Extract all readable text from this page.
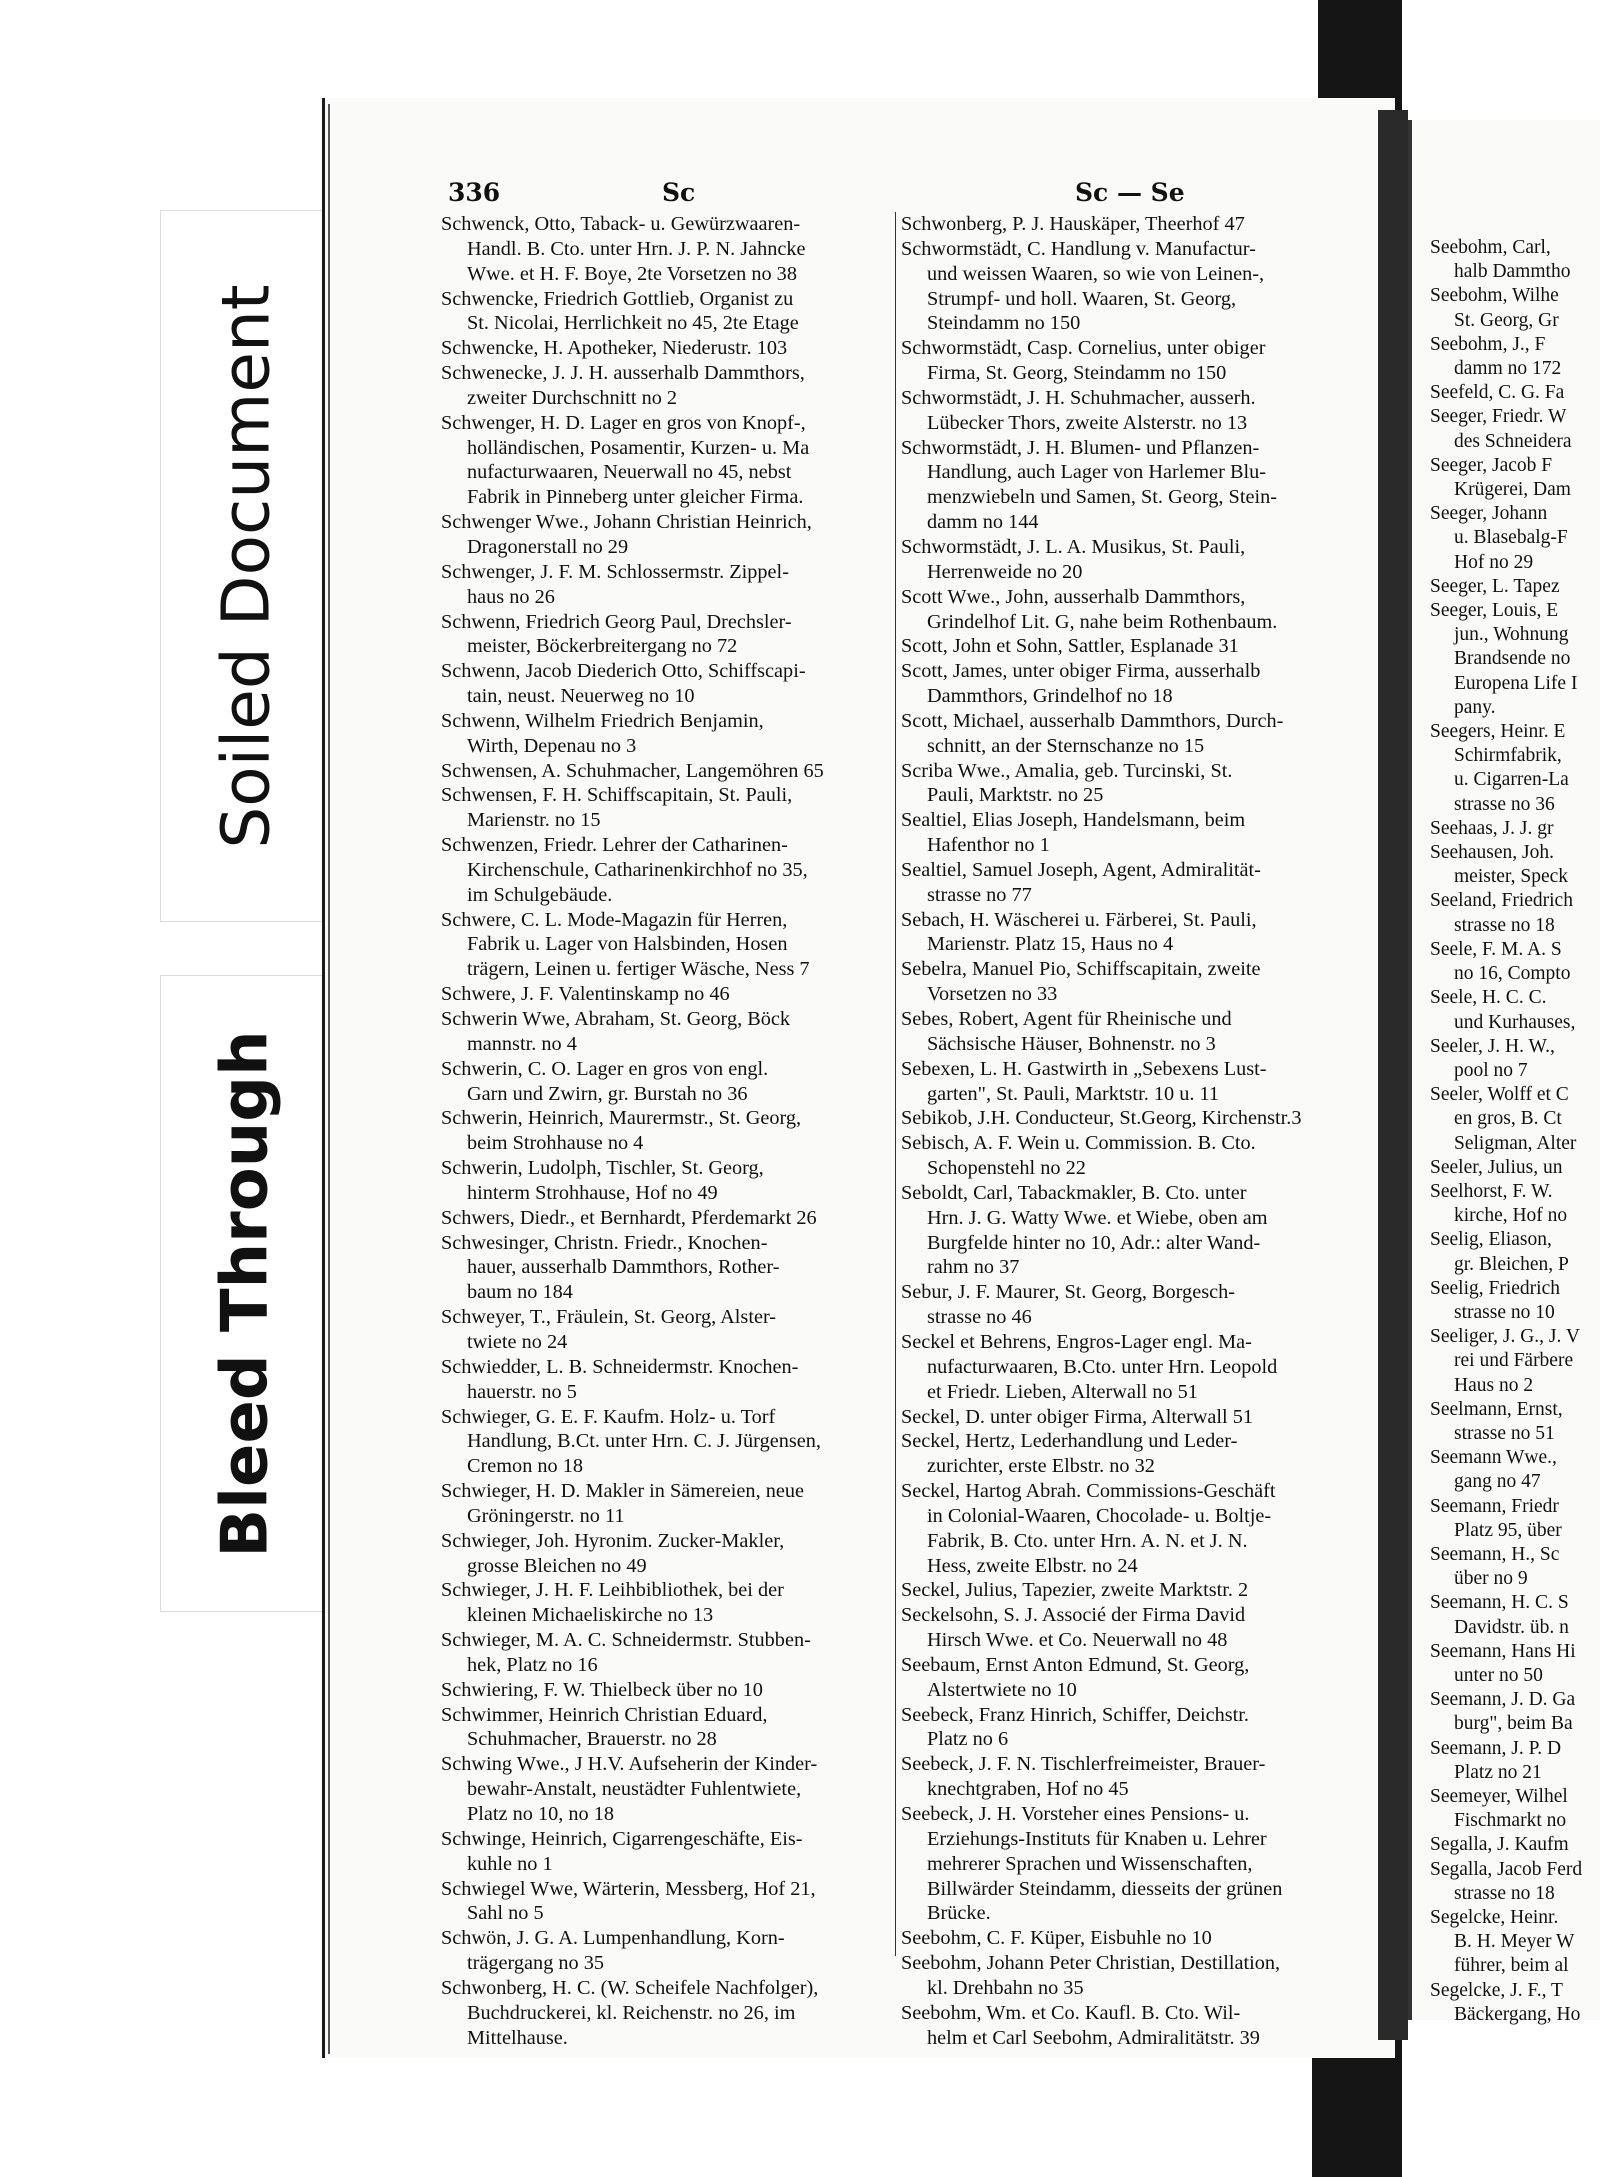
Soiled Document
Bleed Through
336	Sc	Sc — Se
Schwenck, Otto, Taback- u. Gewürzwaaren-
Handl. B. Cto. unter Hrn. J. P. N. Jahncke
Wwe. et H. F. Boye, 2te Vorsetzen no 38
Schwencke, Friedrich Gottlieb, Organist zu
St. Nicolai, Herrlichkeit no 45, 2te Etage
Schwencke, H. Apotheker, Niederustr. 103
Schwenecke, J. J. H. ausserhalb Dammthors,
zweiter Durchschnitt no 2
Schwenger, H. D. Lager en gros von Knopf-,
holländischen, Posamentir, Kurzen- u. Ma
nufacturwaaren, Neuerwall no 45, nebst
Fabrik in Pinneberg unter gleicher Firma.
Schwenger Wwe., Johann Christian Heinrich,
Dragonerstall no 29
Schwenger, J. F. M. Schlossermstr. Zippel-
haus no 26
Schwenn, Friedrich Georg Paul, Drechsler-
meister, Böckerbreitergang no 72
Schwenn, Jacob Diederich Otto, Schiffscapi-
tain, neust. Neuerweg no 10
Schwenn, Wilhelm Friedrich Benjamin,
Wirth, Depenau no 3
Schwensen, A. Schuhmacher, Langemöhren 65
Schwensen, F. H. Schiffscapitain, St. Pauli,
Marienstr. no 15
Schwenzen, Friedr. Lehrer der Catharinen-
Kirchenschule, Catharinenkirchhof no 35,
im Schulgebäude.
Schwere, C. L. Mode-Magazin für Herren,
Fabrik u. Lager von Halsbinden, Hosen
trägern, Leinen u. fertiger Wäsche, Ness 7
Schwere, J. F. Valentinskamp no 46
Schwerin Wwe, Abraham, St. Georg, Böck
mannstr. no 4
Schwerin, C. O. Lager en gros von engl.
Garn und Zwirn, gr. Burstah no 36
Schwerin, Heinrich, Maurermstr., St. Georg,
beim Strohhause no 4
Schwerin, Ludolph, Tischler, St. Georg,
hinterm Strohhause, Hof no 49
Schwers, Diedr., et Bernhardt, Pferdemarkt 26
Schwesinger, Christn. Friedr., Knochen-
hauer, ausserhalb Dammthors, Rother-
baum no 184
Schweyer, T., Fräulein, St. Georg, Alster-
twiete no 24
Schwiedder, L. B. Schneidermstr. Knochen-
hauerstr. no 5
Schwieger, G. E. F. Kaufm. Holz- u. Torf
Handlung, B.Ct. unter Hrn. C. J. Jürgensen,
Cremon no 18
Schwieger, H. D. Makler in Sämereien, neue
Gröningerstr. no 11
Schwieger, Joh. Hyronim. Zucker-Makler,
grosse Bleichen no 49
Schwieger, J. H. F. Leihbibliothek, bei der
kleinen Michaeliskirche no 13
Schwieger, M. A. C. Schneidermstr. Stubben-
hek, Platz no 16
Schwiering, F. W. Thielbeck über no 10
Schwimmer, Heinrich Christian Eduard,
Schuhmacher, Brauerstr. no 28
Schwing Wwe., J H.V. Aufseherin der Kinder-
bewahr-Anstalt, neustädter Fuhlentwiete,
Platz no 10, no 18
Schwinge, Heinrich, Cigarrengeschäfte, Eis-
kuhle no 1
Schwiegel Wwe, Wärterin, Messberg, Hof 21,
Sahl no 5
Schwön, J. G. A. Lumpenhandlung, Korn-
trägergang no 35
Schwonberg, H. C. (W. Scheifele Nachfolger),
Buchdruckerei, kl. Reichenstr. no 26, im
Mittelhause.
Schwonberg, P. J. Hauskäper, Theerhof 47
Schwormstädt, C. Handlung v. Manufactur-
und weissen Waaren, so wie von Leinen-,
Strumpf- und holl. Waaren, St. Georg,
Steindamm no 150
Schwormstädt, Casp. Cornelius, unter obiger
Firma, St. Georg, Steindamm no 150
Schwormstädt, J. H. Schuhmacher, ausserh.
Lübecker Thors, zweite Alsterstr. no 13
Schwormstädt, J. H. Blumen- und Pflanzen-
Handlung, auch Lager von Harlemer Blu-
menzwiebeln und Samen, St. Georg, Stein-
damm no 144
Schwormstädt, J. L. A. Musikus, St. Pauli,
Herrenweide no 20
Scott Wwe., John, ausserhalb Dammthors,
Grindelhof Lit. G, nahe beim Rothenbaum.
Scott, John et Sohn, Sattler, Esplanade 31
Scott, James, unter obiger Firma, ausserhalb
Dammthors, Grindelhof no 18
Scott, Michael, ausserhalb Dammthors, Durch-
schnitt, an der Sternschanze no 15
Scriba Wwe., Amalia, geb. Turcinski, St.
Pauli, Marktstr. no 25
Sealtiel, Elias Joseph, Handelsmann, beim
Hafenthor no 1
Sealtiel, Samuel Joseph, Agent, Admiralität-
strasse no 77
Sebach, H. Wäscherei u. Färberei, St. Pauli,
Marienstr. Platz 15, Haus no 4
Sebelra, Manuel Pio, Schiffscapitain, zweite
Vorsetzen no 33
Sebes, Robert, Agent für Rheinische und
Sächsische Häuser, Bohnenstr. no 3
Sebexen, L. H. Gastwirth in „Sebexens Lust-
garten", St. Pauli, Marktstr. 10 u. 11
Sebikob, J.H. Conducteur, St.Georg, Kirchenstr.3
Sebisch, A. F. Wein u. Commission. B. Cto.
Schopenstehl no 22
Seboldt, Carl, Tabackmakler, B. Cto. unter
Hrn. J. G. Watty Wwe. et Wiebe, oben am
Burgfelde hinter no 10, Adr.: alter Wand-
rahm no 37
Sebur, J. F. Maurer, St. Georg, Borgesch-
strasse no 46
Seckel et Behrens, Engros-Lager engl. Ma-
nufacturwaaren, B.Cto. unter Hrn. Leopold
et Friedr. Lieben, Alterwall no 51
Seckel, D. unter obiger Firma, Alterwall 51
Seckel, Hertz, Lederhandlung und Leder-
zurichter, erste Elbstr. no 32
Seckel, Hartog Abrah. Commissions-Geschäft
in Colonial-Waaren, Chocolade- u. Boltje-
Fabrik, B. Cto. unter Hrn. A. N. et J. N.
Hess, zweite Elbstr. no 24
Seckel, Julius, Tapezier, zweite Marktstr. 2
Seckelsohn, S. J. Associé der Firma David
Hirsch Wwe. et Co. Neuerwall no 48
Seebaum, Ernst Anton Edmund, St. Georg,
Alstertwiete no 10
Seebeck, Franz Hinrich, Schiffer, Deichstr.
Platz no 6
Seebeck, J. F. N. Tischlerfreimeister, Brauer-
knechtgraben, Hof no 45
Seebeck, J. H. Vorsteher eines Pensions- u.
Erziehungs-Instituts für Knaben u. Lehrer
mehrerer Sprachen und Wissenschaften,
Billwärder Steindamm, diesseits der grünen
Brücke.
Seebohm, C. F. Küper, Eisbuhle no 10
Seebohm, Johann Peter Christian, Destillation,
kl. Drehbahn no 35
Seebohm, Wm. et Co. Kaufl. B. Cto. Wil-
helm et Carl Seebohm, Admiralitätstr. 39
Seebohm, Carl,
halb Dammtho
Seebohm, Wilhe
St. Georg, Gr
Seebohm, J., F
damm no 172
Seefeld, C. G. Fa
Seeger, Friedr. W
des Schneidera
Seeger, Jacob F
Krügerei, Dam
Seeger, Johann
u. Blasebalg-F
Hof no 29
Seeger, L. Tapez
Seeger, Louis, E
jun., Wohnung
Brandsende no
Europena Life I
pany.
Seegers, Heinr. E
Schirmfabrik,
u. Cigarren-La
strasse no 36
Seehaas, J. J. gr
Seehausen, Joh.
meister, Speck
Seeland, Friedrich
strasse no 18
Seele, F. M. A. S
no 16, Compto
Seele, H. C. C.
und Kurhauses,
Seeler, J. H. W.,
pool no 7
Seeler, Wolff et C
en gros, B. Ct
Seligman, Alter
Seeler, Julius, un
Seelhorst, F. W.
kirche, Hof no
Seelig, Eliason,
gr. Bleichen, P
Seelig, Friedrich
strasse no 10
Seeliger, J. G., J. V
rei und Färbere
Haus no 2
Seelmann, Ernst,
strasse no 51
Seemann Wwe.,
gang no 47
Seemann, Friedr
Platz 95, über
Seemann, H., Sc
über no 9
Seemann, H. C. S
Davidstr. üb. n
Seemann, Hans Hi
unter no 50
Seemann, J. D. Ga
burg", beim Ba
Seemann, J. P. D
Platz no 21
Seemeyer, Wilhel
Fischmarkt no
Segalla, J. Kaufm
Segalla, Jacob Ferd
strasse no 18
Segelcke, Heinr.
B. H. Meyer W
führer, beim al
Segelcke, J. F., T
Bäckergang, Ho
